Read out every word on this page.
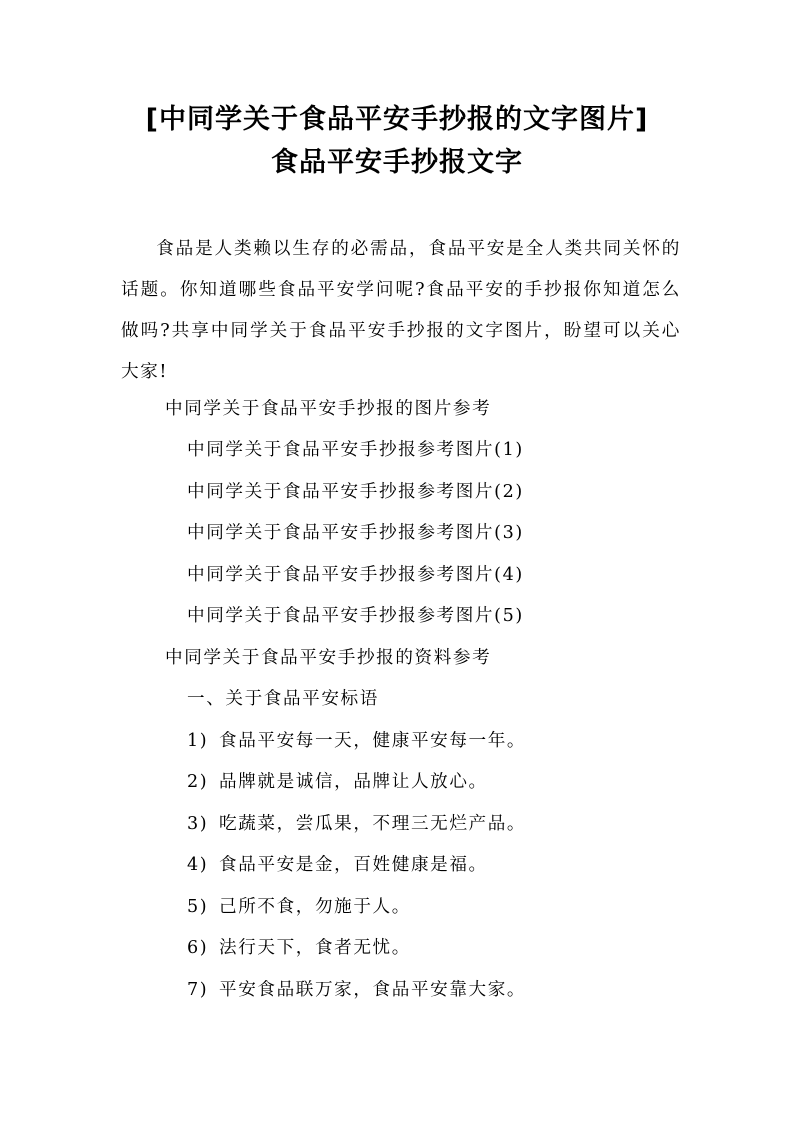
[中同学关于食品平安手抄报的文字图片]
食品平安手抄报文字
食品是人类赖以生存的必需品，食品平安是全人类共同关怀的话题。你知道哪些食品平安学问呢?食品平安的手抄报你知道怎么做吗?共享中同学关于食品平安手抄报的文字图片，盼望可以关心大家!
中同学关于食品平安手抄报的图片参考
中同学关于食品平安手抄报参考图片(1)
中同学关于食品平安手抄报参考图片(2)
中同学关于食品平安手抄报参考图片(3)
中同学关于食品平安手抄报参考图片(4)
中同学关于食品平安手抄报参考图片(5)
中同学关于食品平安手抄报的资料参考
一、关于食品平安标语
1) 食品平安每一天，健康平安每一年。
2) 品牌就是诚信，品牌让人放心。
3) 吃蔬菜，尝瓜果，不理三无烂产品。
4) 食品平安是金，百姓健康是福。
5) 己所不食，勿施于人。
6) 法行天下，食者无忧。
7) 平安食品联万家，食品平安靠大家。
